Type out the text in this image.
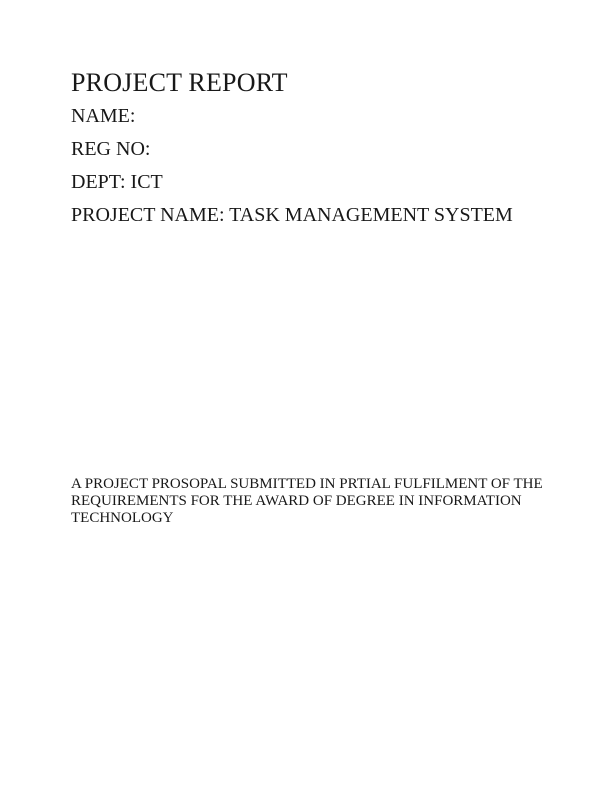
PROJECT REPORT
NAME:
REG NO:
DEPT: ICT
PROJECT NAME: TASK MANAGEMENT SYSTEM
A PROJECT PROSOPAL SUBMITTED IN PRTIAL FULFILMENT OF THE
REQUIREMENTS FOR THE AWARD OF DEGREE IN INFORMATION
TECHNOLOGY
